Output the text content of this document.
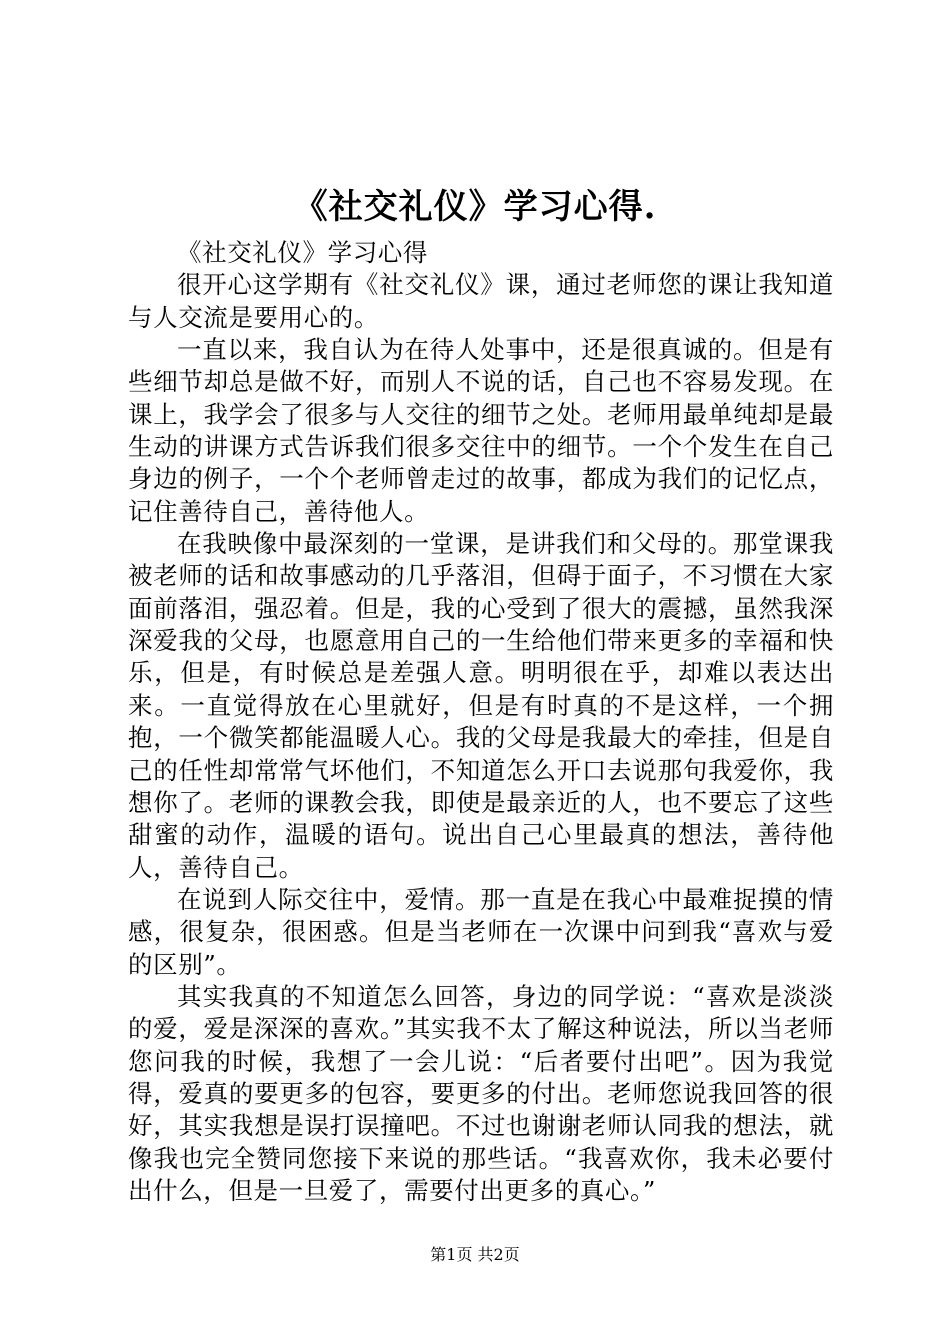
《社交礼仪》学习心得.

《社交礼仪》学习心得

很开心这学期有《社交礼仪》课，通过老师您的课让我知道与人交流是要用心的。

一直以来，我自认为在待人处事中，还是很真诚的。但是有些细节却总是做不好，而别人不说的话，自己也不容易发现。在课上，我学会了很多与人交往的细节之处。老师用最单纯却是最生动的讲课方式告诉我们很多交往中的细节。一个个发生在自己身边的例子，一个个老师曾走过的故事，都成为我们的记忆点，记住善待自己，善待他人。

在我映像中最深刻的一堂课，是讲我们和父母的。那堂课我被老师的话和故事感动的几乎落泪，但碍于面子，不习惯在大家面前落泪，强忍着。但是，我的心受到了很大的震撼，虽然我深深爱我的父母，也愿意用自己的一生给他们带来更多的幸福和快乐，但是，有时候总是差强人意。明明很在乎，却难以表达出来。一直觉得放在心里就好，但是有时真的不是这样，一个拥抱，一个微笑都能温暖人心。我的父母是我最大的牵挂，但是自己的任性却常常气坏他们，不知道怎么开口去说那句我爱你，我想你了。老师的课教会我，即使是最亲近的人，也不要忘了这些甜蜜的动作，温暖的语句。说出自己心里最真的想法，善待他人，善待自己。

在说到人际交往中，爱情。那一直是在我心中最难捉摸的情感，很复杂，很困惑。但是当老师在一次课中问到我“喜欢与爱的区别”。

其实我真的不知道怎么回答，身边的同学说：“喜欢是淡淡的爱，爱是深深的喜欢。”其实我不太了解这种说法，所以当老师您问我的时候，我想了一会儿说：“后者要付出吧”。因为我觉得，爱真的要更多的包容，要更多的付出。老师您说我回答的很好，其实我想是误打误撞吧。不过也谢谢老师认同我的想法，就像我也完全赞同您接下来说的那些话。“我喜欢你，我未必要付出什么，但是一旦爱了，需要付出更多的真心。”

第1页 共2页
